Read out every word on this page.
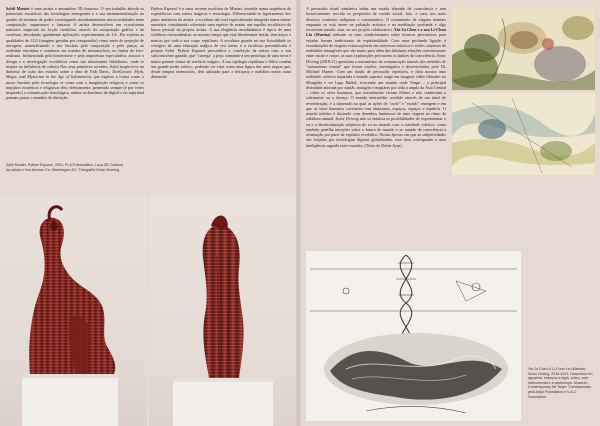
Sybil Montet é uma artista e animadora 3D francesa. O seu trabalho aborda os potenciais exotéricos das tecnologias emergentes e a sua instrumentalização no quadro de sistemas de poder, investigando simultaneamente microrrealidades entre computação, organismos e fantasia. A artista desenvolveu um ecossistema narrativo inspirado na ficção científica, através da computação gráfica e da escultura, abordando igualmente aplicações experimentais de I.A. Ela explora as qualidades do CGI (imagens geradas por computador) como meio de projeção de miragens, materializando o seu fascínio pela composição e pela pinçar, as realidade estranhas e contínuas em estados de metamorfose, no limiar do foto-realismo. Influenciada pela homeostase e pela arquitetura especulativa, associa o design e a investigação escultórica como um interessante hibridismo, onde se inspira na influência da cultura Nos seus primeiros recentes, Sybil inspirou-se no domínio de culto dos estudos sobre a obra de Erik Davis, TechGnosis: Myth, Magic, and Mysticism in the Age of Information, que explora a forma como o nosso fascínio pela tecnologia se cruza com a imaginação religiosa e como os impulsos esotéricos e religiosos têm, efetivamente, permeado sempre (e por vezes inspirado) a comunicação tecnológica, ambos os domínios do digital e do espiritual pensam pairar o mundos de distinção.

Python Espunel é a mais recente escultura de Montet, inserida numa sequência de experiências com totens mágicos e tecnologia. Diferenciando-se ligeiramente dos pares anteriores da artista, a escultura não está especialmente integrada numa matriz narrativa, constituindo sobretudo uma espécie de avatar, um espelho escultórico da busca pessoal da própria artista. A sua elegância aerodinâmica é típica de uma violência extraordinária; ao mesmo tempo que está literalmente ferida, tem traços e marcas por toda a sua corpo reptiliano. A escultura guarda na sua fisicalidade os vestígios de uma educação mágica de seu totem, e a escultura personificada a própria Sybil. Python Espunel personifica a correlação da artista com o seu subconsciente ganado, que "carrega" a peça, tornando-a um protótipo de uma nova e muito potente forma de artefacto mágico. A sua tipologia reptiliana e fálica contém um grande poder erótico, podendo ser vista como uma figura das artes negras que, desde tempos imemoriais, têm utilizado para a feitiçaria e malditos numa outra dimensão

A percussão ritual xamânica induz um estado alterado de consciência e tem historicamente servido os propósitos de coesão social, fato, e cura, nos mais diversos contextos indígenas e comunitários. O cruzamento de viagens mentais enquanto se está inerte na pulsação acústica e na meditação profunda é algo recorrente tratado, mas, no seu projeto colaborativo, Yin-Ju Chen e a sua Li-Chun Lin (Marina) utilizam os sons condicionantes sobre técnicas percussivas para estudar formas tradicionais de espiritualidade. Com uma profunda ligação à visualizações de viagens extracorpóreas em universos místicos e visões cósmicas de realidades intangíveis que são muito para além das habituais relações convencionais entre morte e corpo, as suas explorações percorrem os limites da consciência. Sonic Driving (2018-21) questiona o mecanismo da comunicação através dos métodos de "xamanismo central" que foram criados, investigados e desenvolvidos pelo Dr. Michael Harner. Com um fundo de percussão repetitiva, é obra mostra uma realidade coletiva tripartida e mundo superior surge em imagens vídeo filmados no Mongólia e no Lago Baikal, evocando um mundo onde Tengri – a principal divindade adorada por xamãs, mongóis e magiares por toda a ampla da Ásia Central – cobra os seres humanos, que inicialmente viviam felizes e não conheciam o sofrimento ou a doença. O mundo intermédio, acedido através de um túnel de reverberação, é a dimensão na qual as ações de "corte" e "errado" emergem e em que os seres humanos coexistem com fantasmas, espaços, espaços e espíritos. O mundo inferior é ilustrado com desenhos luminosos de uma viagem no ritmo da subtileza animal. Sonic Driving não só enfatiza as possibilidades de experimentar o eu e a desestruturação subjetiva do eu no mundo com a realidade coletiva, como também partilha intuições sobre o futuro do mundo e ao mundo de consciência a orientação por parte de espíritos revelados. Nestas épocas em que as subjetividades são forjadas por tecnologias digitais globalizadas, esta obra corresponde a uma inteligência sagrada entre mundos. (Texto de Defne Ayas)

Sybil Montet, Python Espunel, 2021. PLA Polinomático, Luca 3D Cortesia da artista e Von Ammon Co. Washington DC. Fotografia Vivian Doering
Yin-Ju Chen & Li-Chun Lin (Marina), Sonic Driving, 2018-2021. Desenhos em aguarela, esboços a lápis, vídeo, som instrumental e a workshops. Museum Contemporary Art Taipei. Comissionado pela Arqui Foundation e V-A-C Foundation
